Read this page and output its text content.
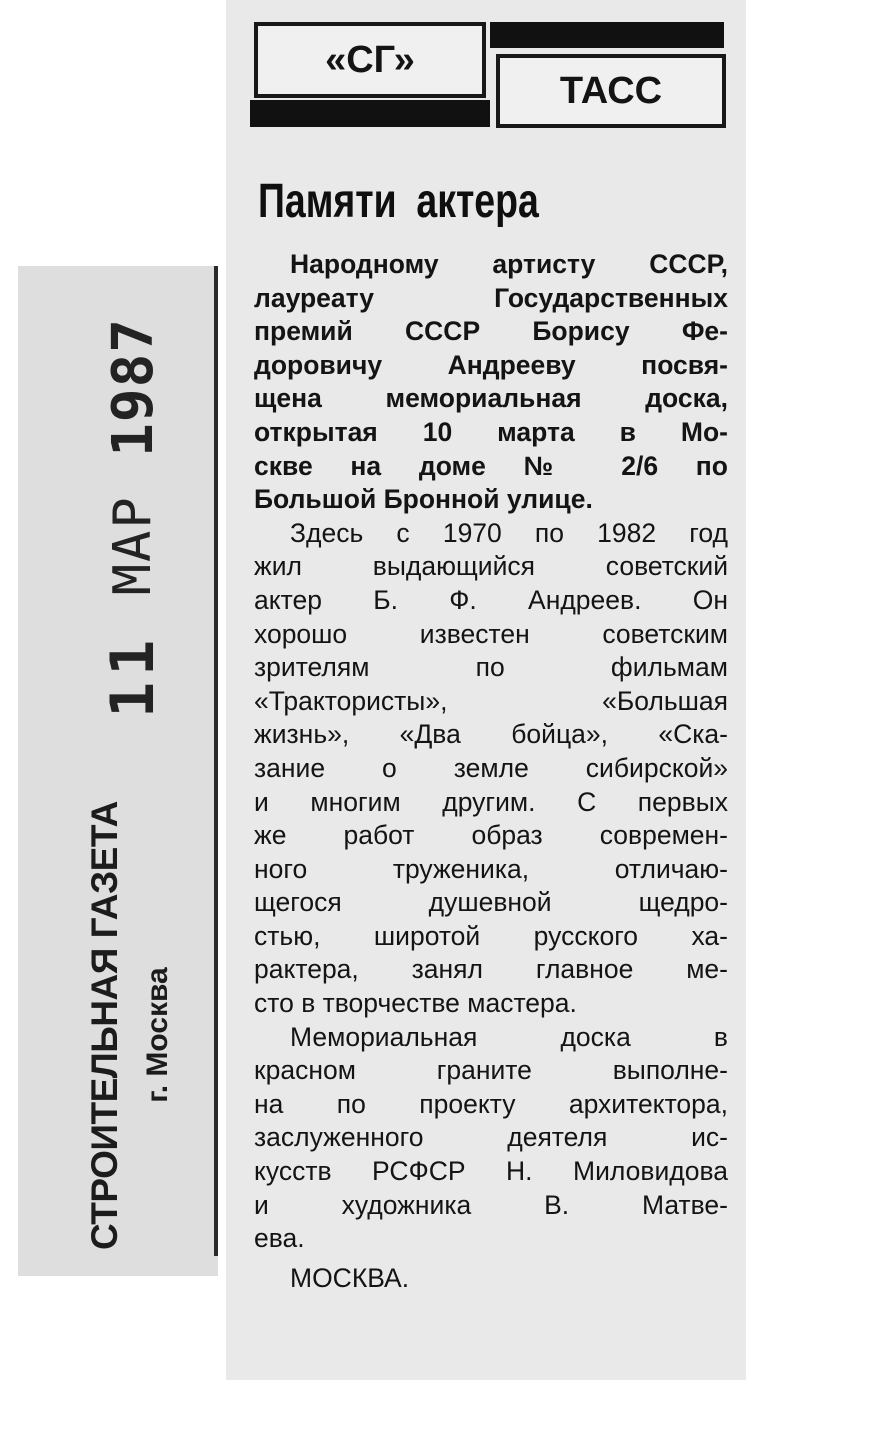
11
МАР
1987
СТРОИТЕЛЬНАЯ ГАЗЕТА г. Москва
«СГ»
ТАСС
Памяти актера
Народному артисту СССР,
лауреату Государственных
премий СССР Борису Фе-
доровичу Андрееву посвя-
щена мемориальная доска,
открытая 10 марта в Мо-
скве на доме № 2/6 по
Большой Бронной улице.
Здесь с 1970 по 1982 год
жил выдающийся советский
актер Б. Ф. Андреев. Он
хорошо известен советским
зрителям по фильмам
«Трактористы», «Большая
жизнь», «Два бойца», «Ска-
зание о земле сибирской»
и многим другим. С первых
же работ образ современ-
ного труженика, отличаю-
щегося душевной щедро-
стью, широтой русского ха-
рактера, занял главное ме-
сто в творчестве мастера.
Мемориальная доска в
красном граните выполне-
на по проекту архитектора,
заслуженного деятеля ис-
кусств РСФСР Н. Миловидова
и художника В. Матве-
ева.
МОСКВА.
